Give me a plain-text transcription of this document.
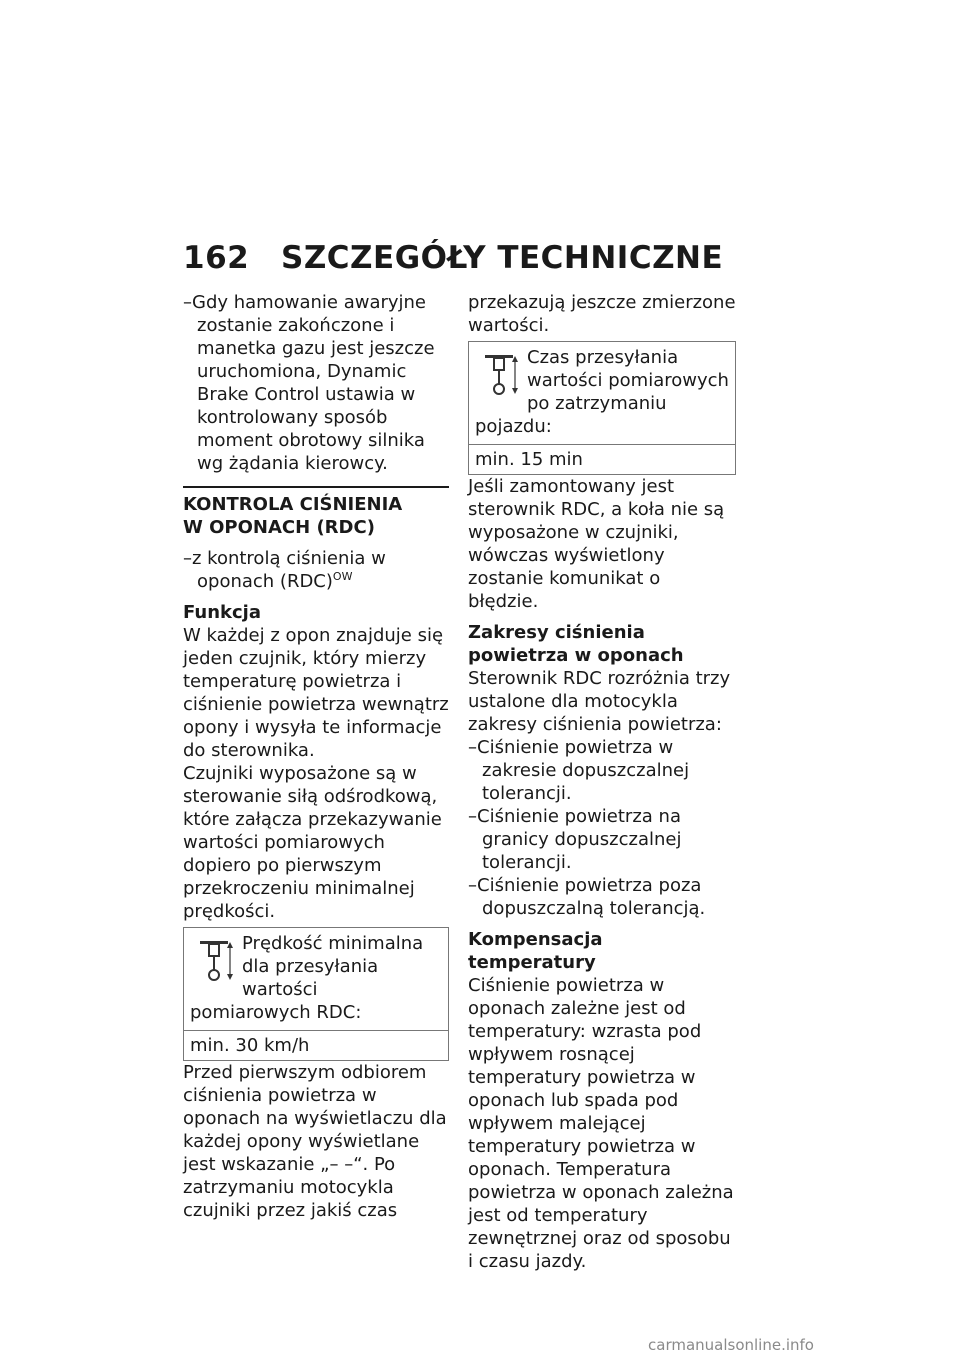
162 SZCZEGÓŁY TECHNICZNE

–Gdy hamowanie awaryjne zostanie zakończone i manetka gazu jest jeszcze uruchomiona, Dynamic Brake Control ustawia w kontrolowany sposób moment obrotowy silnika wg żądania kierowcy.

KONTROLA CIŚNIENIA
W OPONACH (RDC)

–z kontrolą ciśnienia w oponach (RDC)$^{OW}$

Funkcja

W każdej z opon znajduje się jeden czujnik, który mierzy temperaturę powietrza i ciśnienie powietrza wewnątrz opony i wysyła te informacje do sterownika.

Czujniki wyposażone są w sterowanie siłą odśrodkową, które załącza przekazywanie wartości pomiarowych dopiero po pierwszym przekroczeniu minimalnej prędkości.

Prędkość minimalna dla przesyłania wartości pomiarowych RDC:
min. 30 km/h

Przed pierwszym odbiorem ciśnienia powietrza w oponach na wyświetlaczu dla każdej opony wyświetlane jest wskazanie „– –“. Po zatrzymaniu motocykla czujniki przez jakiś czas

przekazują jeszcze zmierzone wartości.

Czas przesyłania wartości pomiarowych po zatrzymaniu pojazdu:
min. 15 min

Jeśli zamontowany jest sterownik RDC, a koła nie są wyposażone w czujniki, wówczas wyświetlony zostanie komunikat o błędzie.

Zakresy ciśnienia powietrza w oponach

Sterownik RDC rozróżnia trzy ustalone dla motocykla zakresy ciśnienia powietrza:

–Ciśnienie powietrza w zakresie dopuszczalnej tolerancji.

–Ciśnienie powietrza na granicy dopuszczalnej tolerancji.

–Ciśnienie powietrza poza dopuszczalną tolerancją.

Kompensacja temperatury

Ciśnienie powietrza w oponach zależne jest od temperatury: wzrasta pod wpływem rosnącej temperatury powietrza w oponach lub spada pod wpływem malejącej temperatury powietrza w oponach. Temperatura powietrza w oponach zależna jest od temperatury zewnętrznej oraz od sposobu i czasu jazdy.

carmanualsonline.info
